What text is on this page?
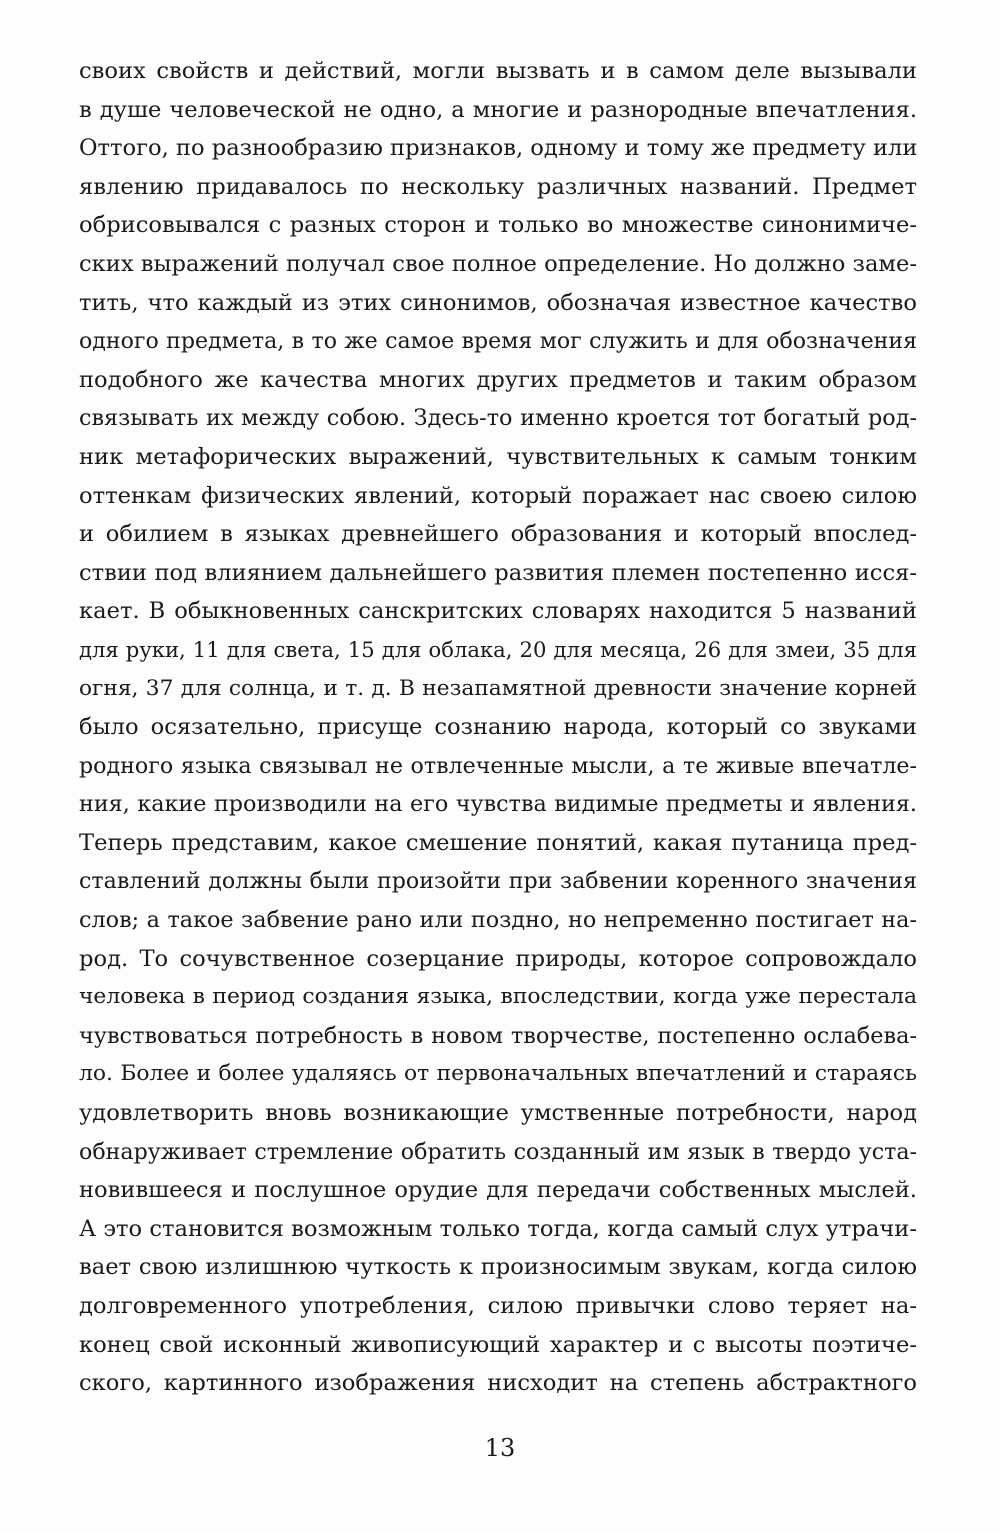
своих свойств и действий, могли вызвать и в самом деле вызывали
в душе человеческой не одно, а многие и разнородные впечатления.
Оттого, по разнообразию признаков, одному и тому же предмету или
явлению придавалось по нескольку различных названий. Предмет
обрисовывался с разных сторон и только во множестве синонимиче-
ских выражений получал свое полное определение. Но должно заме-
тить, что каждый из этих синонимов, обозначая известное качество
одного предмета, в то же самое время мог служить и для обозначения
подобного же качества многих других предметов и таким образом
связывать их между собою. Здесь-то именно кроется тот богатый род-
ник метафорических выражений, чувствительных к самым тонким
оттенкам физических явлений, который поражает нас своею силою
и обилием в языках древнейшего образования и который впослед-
ствии под влиянием дальнейшего развития племен постепенно исся-
кает. В обыкновенных санскритских словарях находится 5 названий
для руки, 11 для света, 15 для облака, 20 для месяца, 26 для змеи, 35 для
огня, 37 для солнца, и т. д. В незапамятной древности значение корней
было осязательно, присуще сознанию народа, который со звуками
родного языка связывал не отвлеченные мысли, а те живые впечатле-
ния, какие производили на его чувства видимые предметы и явления.
Теперь представим, какое смешение понятий, какая путаница пред-
ставлений должны были произойти при забвении коренного значения
слов; а такое забвение рано или поздно, но непременно постигает на-
род. То сочувственное созерцание природы, которое сопровождало
человека в период создания языка, впоследствии, когда уже перестала
чувствоваться потребность в новом творчестве, постепенно ослабева-
ло. Более и более удаляясь от первоначальных впечатлений и стараясь
удовлетворить вновь возникающие умственные потребности, народ
обнаруживает стремление обратить созданный им язык в твердо уста-
новившееся и послушное орудие для передачи собственных мыслей.
А это становится возможным только тогда, когда самый слух утрачи-
вает свою излишнюю чуткость к произносимым звукам, когда силою
долговременного употребления, силою привычки слово теряет на-
конец свой исконный живописующий характер и с высоты поэтиче-
ского, картинного изображения нисходит на степень абстрактного
13
